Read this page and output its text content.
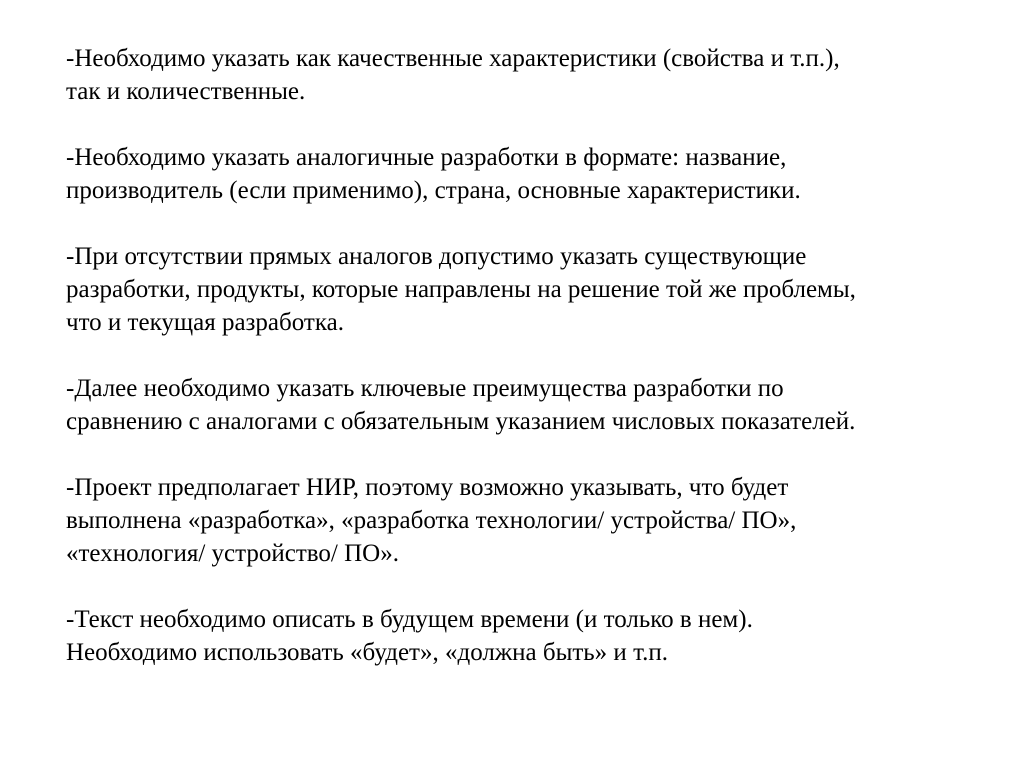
-Необходимо указать как качественные характеристики (свойства и т.п.),
так и количественные.

-Необходимо указать аналогичные разработки в формате: название,
производитель (если применимо), страна, основные характеристики.

-При отсутствии прямых аналогов допустимо указать существующие
разработки, продукты, которые направлены на решение той же проблемы,
что и текущая разработка.

-Далее необходимо указать ключевые преимущества разработки по
сравнению с аналогами с обязательным указанием числовых показателей.

-Проект предполагает НИР, поэтому возможно указывать, что будет
выполнена «разработка», «разработка технологии/ устройства/ ПО»,
«технология/ устройство/ ПО».

-Текст необходимо описать в будущем времени (и только в нем).
Необходимо использовать «будет», «должна быть» и т.п.
